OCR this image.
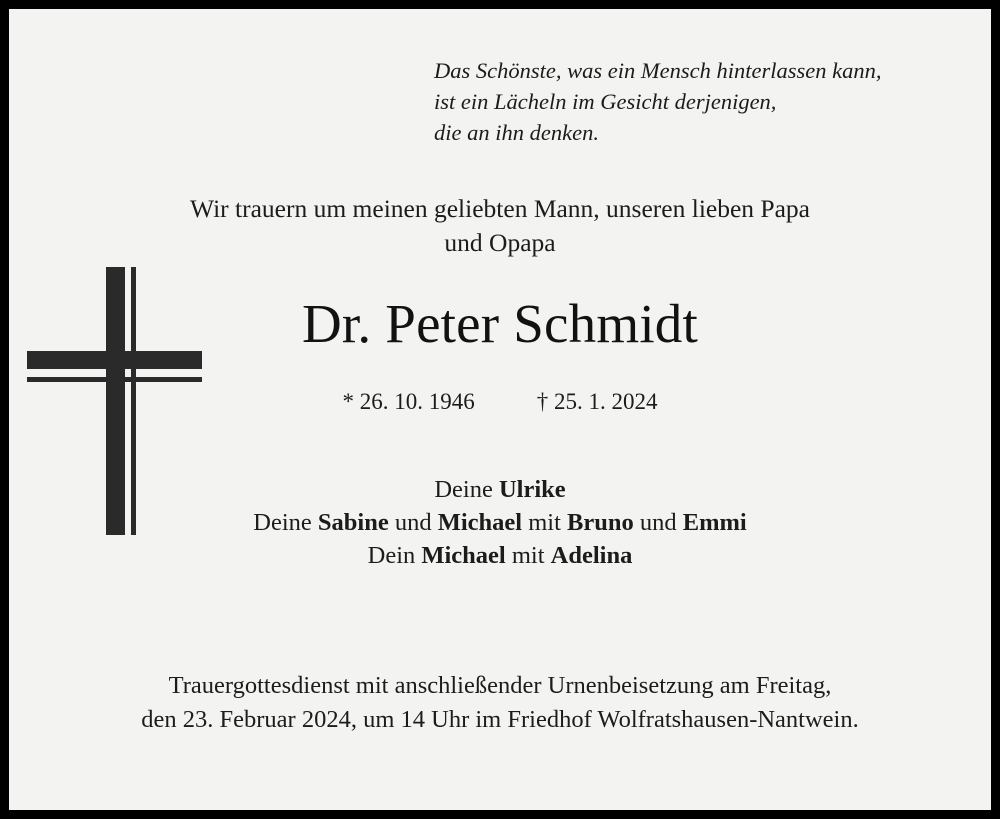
Das Schönste, was ein Mensch hinterlassen kann,
ist ein Lächeln im Gesicht derjenigen,
die an ihn denken.
Wir trauern um meinen geliebten Mann, unseren lieben Papa
und Opapa
Dr. Peter Schmidt
* 26. 10. 1946	† 25. 1. 2024
Deine Ulrike
Deine Sabine und Michael mit Bruno und Emmi
Dein Michael mit Adelina
Trauergottesdienst mit anschließender Urnenbeisetzung am Freitag,
den 23. Februar 2024, um 14 Uhr im Friedhof Wolfratshausen-Nantwein.
